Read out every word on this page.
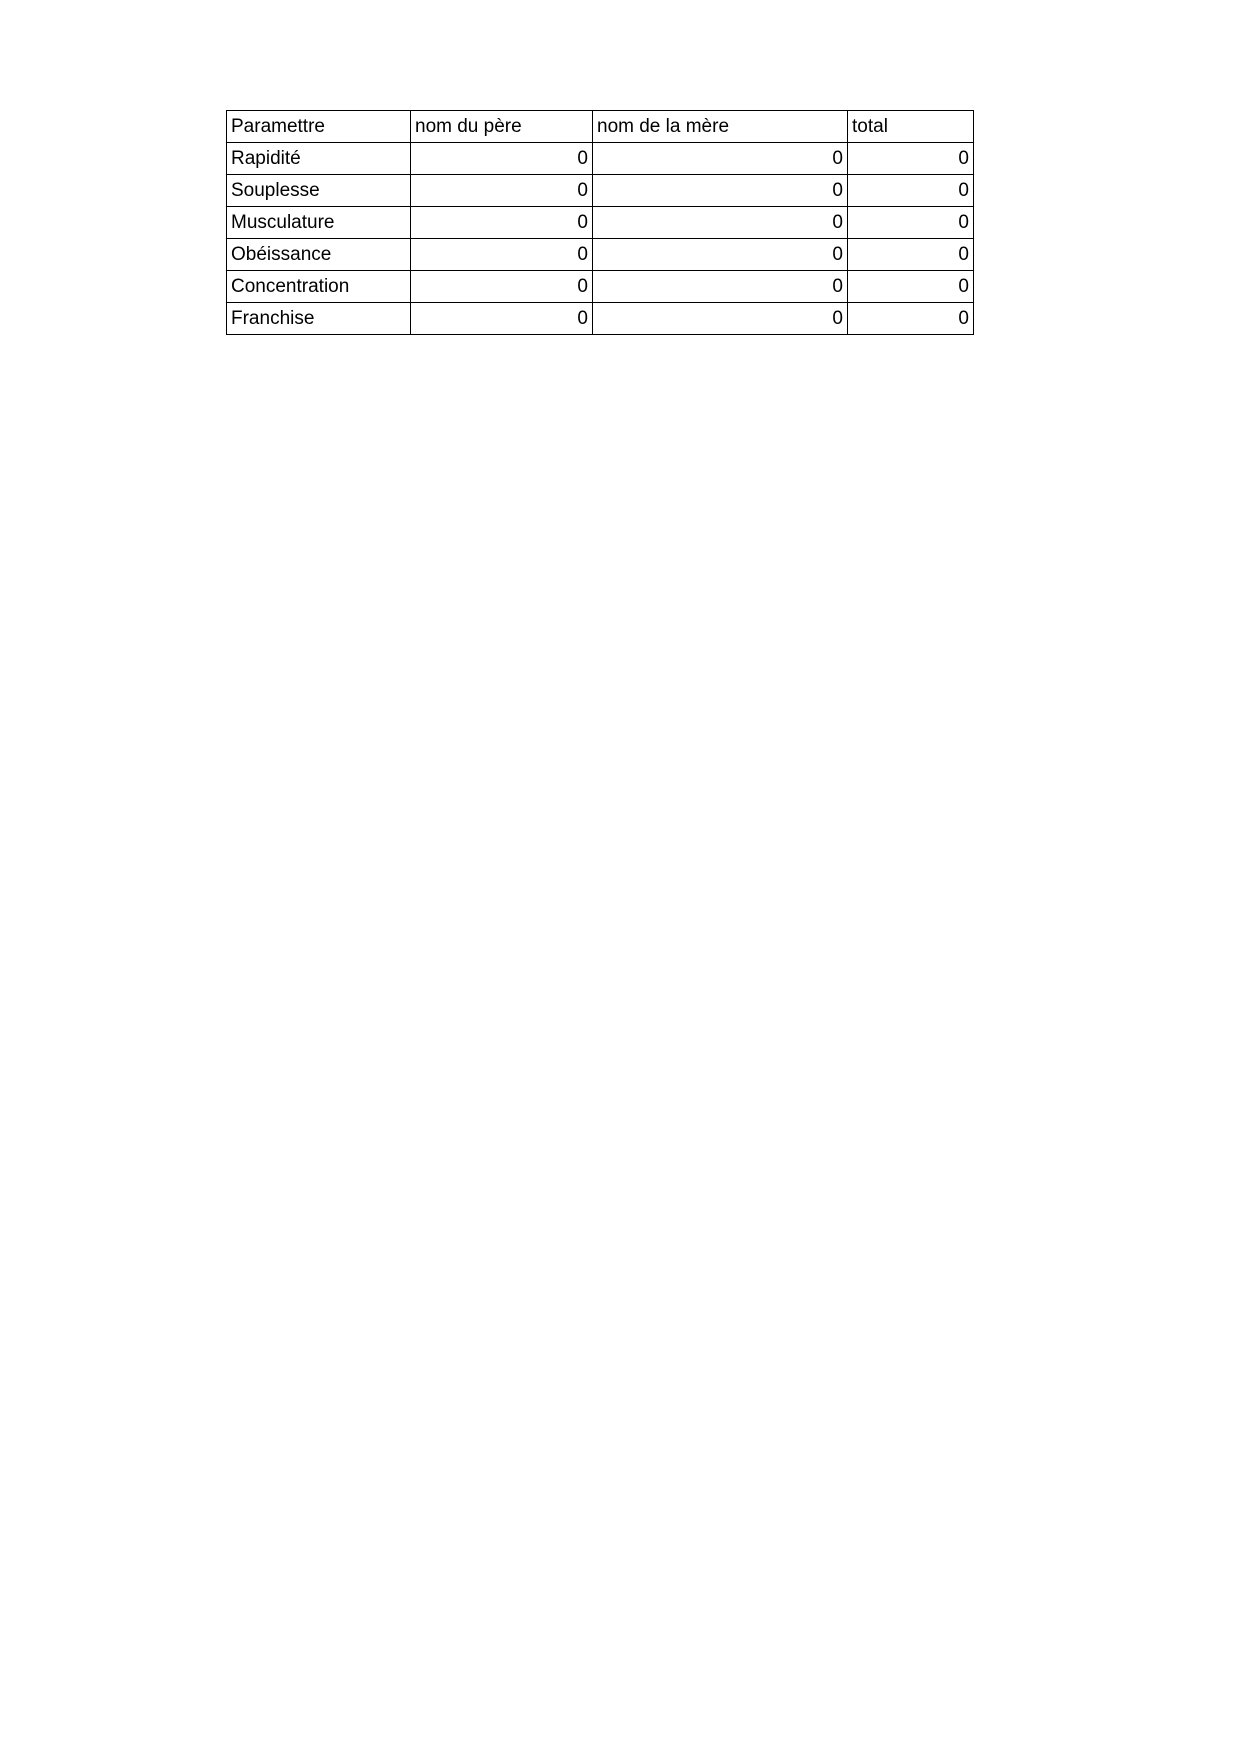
Paramettre	nom du père	nom de la mère	total
Rapidité	0	0	0
Souplesse	0	0	0
Musculature	0	0	0
Obéissance	0	0	0
Concentration	0	0	0
Franchise	0	0	0
